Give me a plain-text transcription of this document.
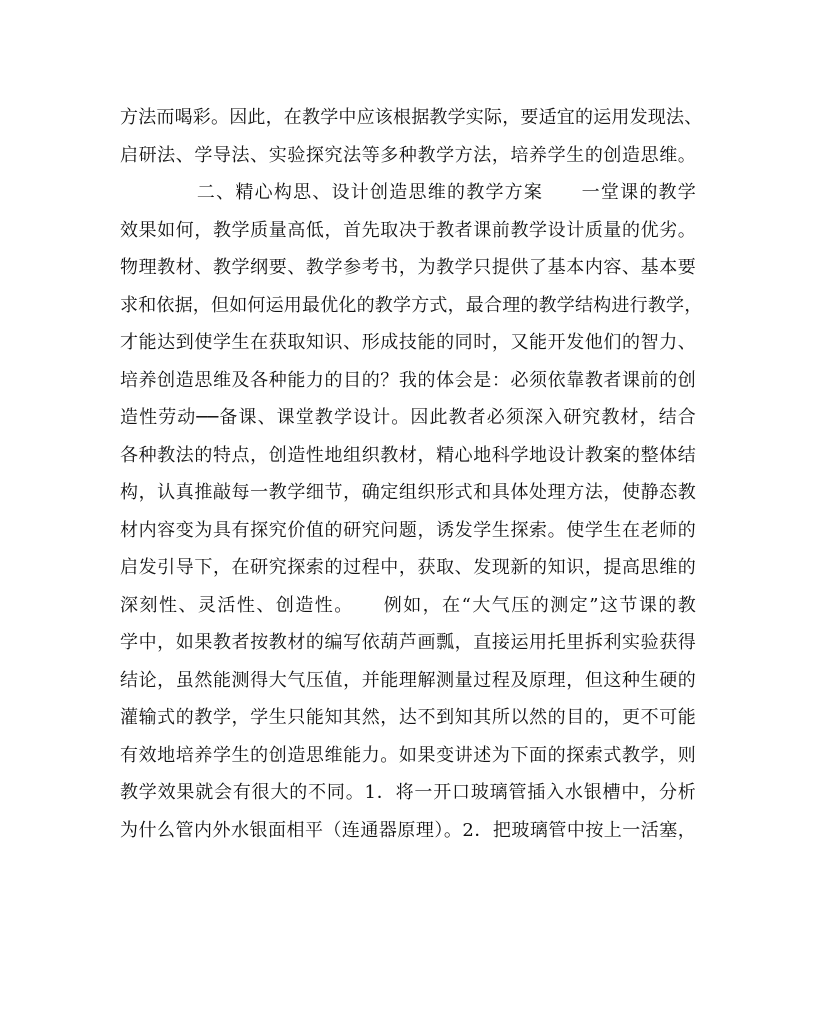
方法而喝彩。因此，在教学中应该根据教学实际，要适宜的运用发现法、
启研法、学导法、实验探究法等多种教学方法，培养学生的创造思维。
　　　　二、精心构思、设计创造思维的教学方案　　一堂课的教学
效果如何，教学质量高低，首先取决于教者课前教学设计质量的优劣。
物理教材、教学纲要、教学参考书，为教学只提供了基本内容、基本要
求和依据，但如何运用最优化的教学方式，最合理的教学结构进行教学，
才能达到使学生在获取知识、形成技能的同时，又能开发他们的智力、
培养创造思维及各种能力的目的？我的体会是：必须依靠教者课前的创
造性劳动──备课、课堂教学设计。因此教者必须深入研究教材，结合
各种教法的特点，创造性地组织教材，精心地科学地设计教案的整体结
构，认真推敲每一教学细节，确定组织形式和具体处理方法，使静态教
材内容变为具有探究价值的研究问题，诱发学生探索。使学生在老师的
启发引导下，在研究探索的过程中，获取、发现新的知识，提高思维的
深刻性、灵活性、创造性。　　例如，在“大气压的测定”这节课的教
学中，如果教者按教材的编写依葫芦画瓢，直接运用托里拆利实验获得
结论，虽然能测得大气压值，并能理解测量过程及原理，但这种生硬的
灌输式的教学，学生只能知其然，达不到知其所以然的目的，更不可能
有效地培养学生的创造思维能力。如果变讲述为下面的探索式教学，则
教学效果就会有很大的不同。1．将一开口玻璃管插入水银槽中，分析
为什么管内外水银面相平（连通器原理）。2．把玻璃管中按上一活塞，
